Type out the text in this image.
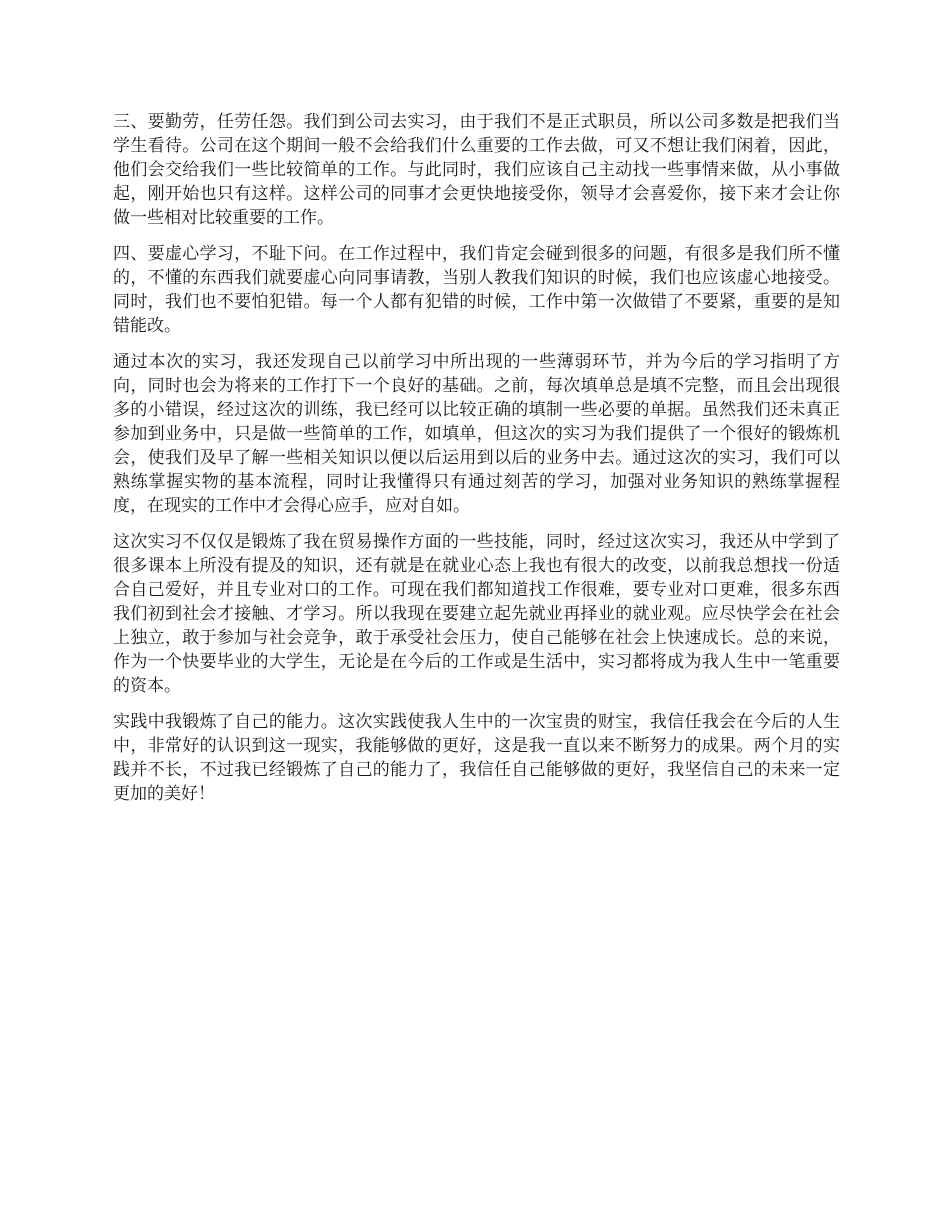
三、要勤劳，任劳任怨。我们到公司去实习，由于我们不是正式职员，所以公司多数是把我们当学生看待。公司在这个期间一般不会给我们什么重要的工作去做，可又不想让我们闲着，因此，他们会交给我们一些比较简单的工作。与此同时，我们应该自己主动找一些事情来做，从小事做起，刚开始也只有这样。这样公司的同事才会更快地接受你，领导才会喜爱你，接下来才会让你做一些相对比较重要的工作。

四、要虚心学习，不耻下问。在工作过程中，我们肯定会碰到很多的问题，有很多是我们所不懂的，不懂的东西我们就要虚心向同事请教，当别人教我们知识的时候，我们也应该虚心地接受。同时，我们也不要怕犯错。每一个人都有犯错的时候，工作中第一次做错了不要紧，重要的是知错能改。

通过本次的实习，我还发现自己以前学习中所出现的一些薄弱环节，并为今后的学习指明了方向，同时也会为将来的工作打下一个良好的基础。之前，每次填单总是填不完整，而且会出现很多的小错误，经过这次的训练，我已经可以比较正确的填制一些必要的单据。虽然我们还未真正参加到业务中，只是做一些简单的工作，如填单，但这次的实习为我们提供了一个很好的锻炼机会，使我们及早了解一些相关知识以便以后运用到以后的业务中去。通过这次的实习，我们可以熟练掌握实物的基本流程，同时让我懂得只有通过刻苦的学习，加强对业务知识的熟练掌握程度，在现实的工作中才会得心应手，应对自如。

这次实习不仅仅是锻炼了我在贸易操作方面的一些技能，同时，经过这次实习，我还从中学到了很多课本上所没有提及的知识，还有就是在就业心态上我也有很大的改变，以前我总想找一份适合自己爱好，并且专业对口的工作。可现在我们都知道找工作很难，要专业对口更难，很多东西我们初到社会才接触、才学习。所以我现在要建立起先就业再择业的就业观。应尽快学会在社会上独立，敢于参加与社会竞争，敢于承受社会压力，使自己能够在社会上快速成长。总的来说，作为一个快要毕业的大学生，无论是在今后的工作或是生活中，实习都将成为我人生中一笔重要的资本。

实践中我锻炼了自己的能力。这次实践使我人生中的一次宝贵的财宝，我信任我会在今后的人生中，非常好的认识到这一现实，我能够做的更好，这是我一直以来不断努力的成果。两个月的实践并不长，不过我已经锻炼了自己的能力了，我信任自己能够做的更好，我坚信自己的未来一定更加的美好！
